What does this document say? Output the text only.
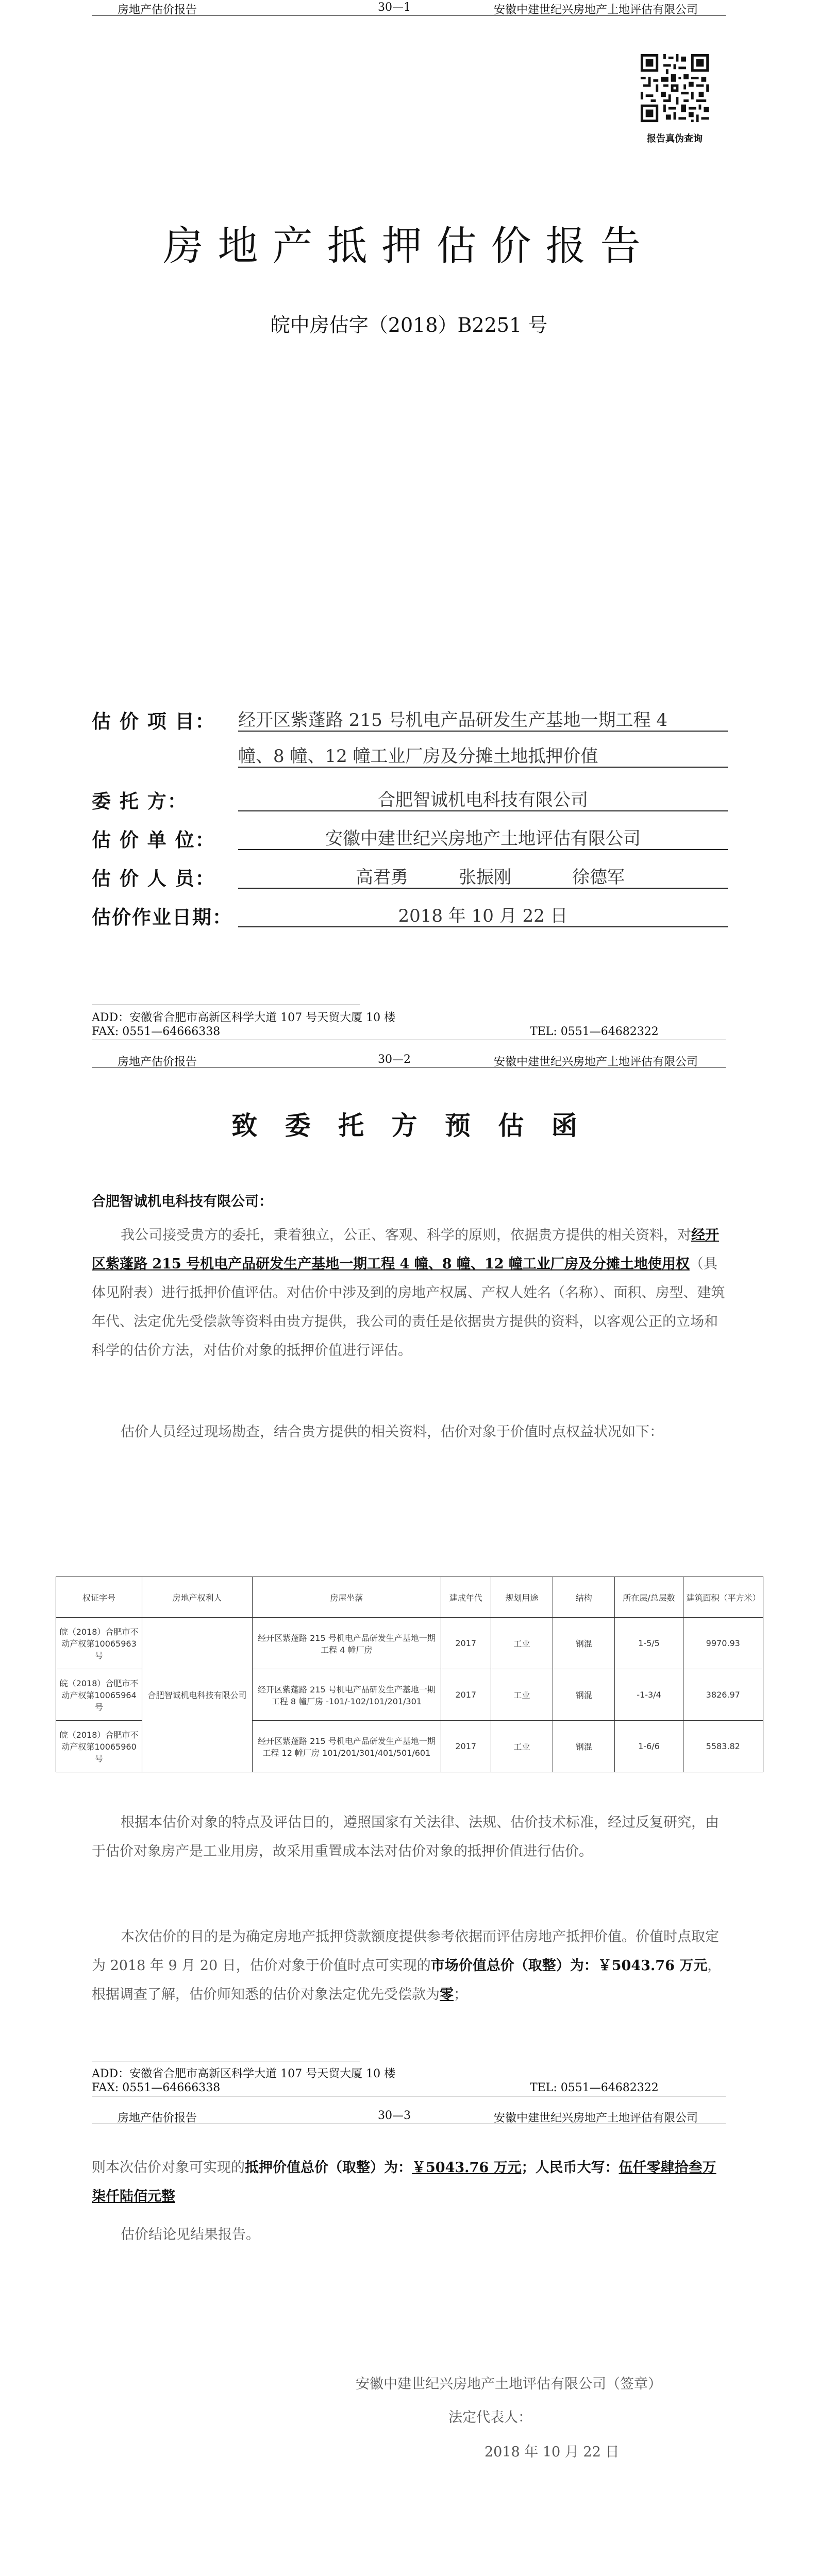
房地产估价报告	30—1	安徽中建世纪兴房地产土地评估有限公司
报告真伪查询
房地产抵押估价报告
皖中房估字（2018）B2251 号
估 价 项 目： 经开区紫蓬路 215 号机电产品研发生产基地一期工程 4
幢、8 幢、12 幢工业厂房及分摊土地抵押价值
委 托 方：	合肥智诚机电科技有限公司
估 价 单 位：	安徽中建世纪兴房地产土地评估有限公司
估 价 人 员：	高君勇	张振刚	徐德军
估价作业日期：	2018 年 10 月 22 日
ADD：安徽省合肥市高新区科学大道 107 号天贸大厦 10 楼
FAX: 0551—64666338	TEL: 0551—64682322
房地产估价报告	30—2	安徽中建世纪兴房地产土地评估有限公司
致 委 托 方 预 估 函
合肥智诚机电科技有限公司：
我公司接受贵方的委托，秉着独立，公正、客观、科学的原则，依据贵方提供的相关资料，对经开区紫蓬路 215 号机电产品研发生产基地一期工程 4 幢、8 幢、12 幢工业厂房及分摊土地使用权（具体见附表）进行抵押价值评估。对估价中涉及到的房地产权属、产权人姓名（名称）、面积、房型、建筑年代、法定优先受偿款等资料由贵方提供，我公司的责任是依据贵方提供的资料，以客观公正的立场和科学的估价方法，对估价对象的抵押价值进行评估。
估价人员经过现场勘查，结合贵方提供的相关资料，估价对象于价值时点权益状况如下：
权证字号	房地产权利人	房屋坐落	建成年代	规划用途	结构	所在层/总层数	建筑面积（平方米）
皖（2018）合肥市不动产权第10065963 号	合肥智诚机电科技有限公司	经开区紫蓬路 215 号机电产品研发生产基地一期工程 4 幢厂房	2017	工业	钢混	1-5/5	9970.93
皖（2018）合肥市不动产权第10065964 号		经开区紫蓬路 215 号机电产品研发生产基地一期工程 8 幢厂房 -101/-102/101/201/301	2017	工业	钢混	-1-3/4	3826.97
皖（2018）合肥市不动产权第10065960 号		经开区紫蓬路 215 号机电产品研发生产基地一期工程 12 幢厂房 101/201/301/401/501/601	2017	工业	钢混	1-6/6	5583.82
根据本估价对象的特点及评估目的，遵照国家有关法律、法规、估价技术标准，经过反复研究，由于估价对象房产是工业用房，故采用重置成本法对估价对象的抵押价值进行估价。
本次估价的目的是为确定房地产抵押贷款额度提供参考依据而评估房地产抵押价值。价值时点取定为 2018 年 9 月 20 日，估价对象于价值时点可实现的市场价值总价（取整）为：￥5043.76 万元，根据调查了解，估价师知悉的估价对象法定优先受偿款为零；
ADD：安徽省合肥市高新区科学大道 107 号天贸大厦 10 楼
FAX: 0551—64666338	TEL: 0551—64682322
房地产估价报告	30—3	安徽中建世纪兴房地产土地评估有限公司
则本次估价对象可实现的抵押价值总价（取整）为：￥5043.76 万元；人民币大写：伍仟零肆拾叁万柒仟陆佰元整
估价结论见结果报告。
安徽中建世纪兴房地产土地评估有限公司（签章）
法定代表人：
2018 年 10 月 22 日
